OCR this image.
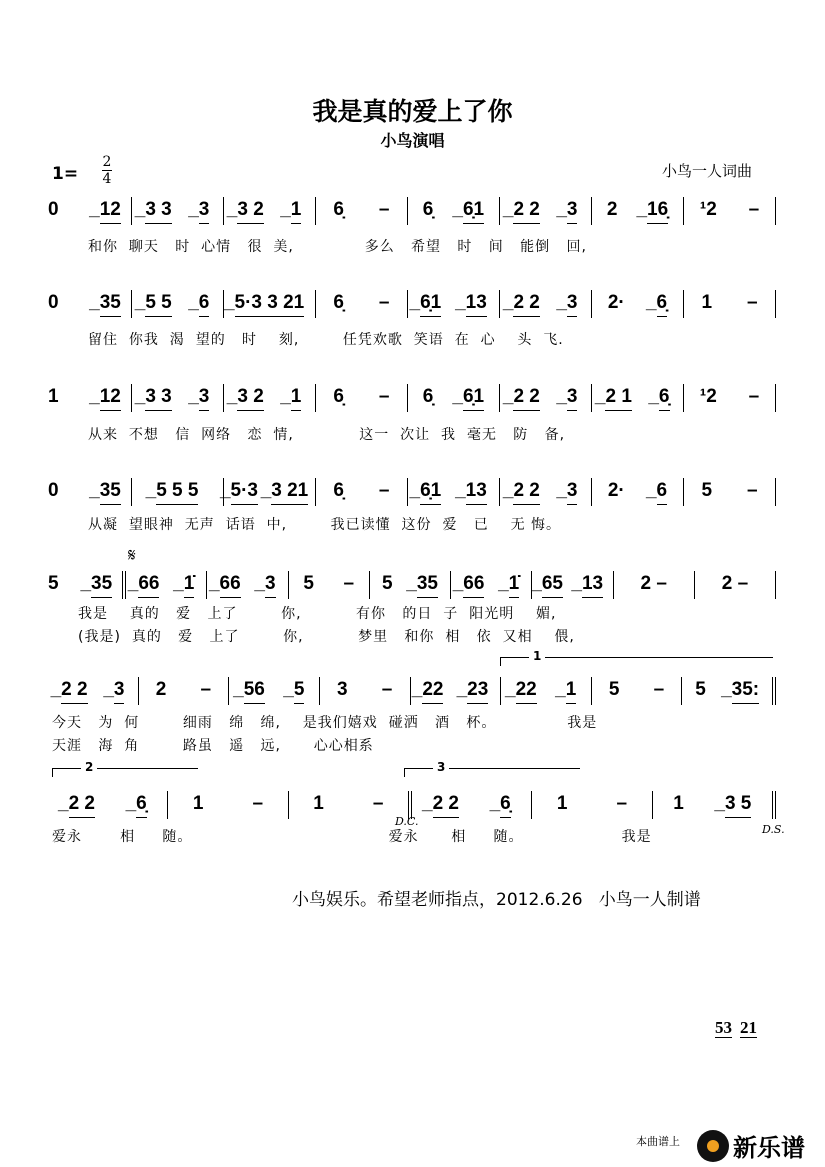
我是真的爱上了你
小鸟演唱
1=
2
4	小鸟一人词曲
0 _12 _3 3 _3 _3 2 _1 6̣ – 6̣ _6̣1 _2 2 _3 2 _16̣ ¹2 –
和你  聊天   时  心情   很  美,             多么   希望   时   间   能倒   回,
0 _35 _5 5 _6 _5·3 3 21 6̣ – _6̣1 _13 _2 2 _3 2· _6̣ 1 –
留住  你我  渴  望的   时    刻,        任凭欢歌  笑语  在  心    头  飞.
1 _12 _3 3 _3 _3 2 _1 6̣ – 6̣ _6̣1 _2 2 _3 _2 1 _6̣ ¹2 –
从来  不想   信  网络   恋  情,            这一  次让  我  毫无   防   备,
0 _35 _5 5 5 _5·3 _3 21 6̣ – _6̣1 _13 _2 2 _3 2· _6 5 –
从凝  望眼神  无声  话语  中,        我已读懂  这份  爱   已    无 悔。
5 _35 _66 _1̇ _66 _3 5 – 5 _35 _66 _1̇ _65 _13 2 –	2 –
我是    真的   爱   上了        你,          有你   的日  子  阳光明    媚,
(我是)  真的   爱   上了        你,          梦里   和你  相   依  又相    偎,
_2 2 _3 2 – _56 _5 3 – _22 _23 _22 _1 5 – 5 _35:
今天   为  何        细雨   绵   绵,    是我们嬉戏  碰洒   酒   杯。             我是
天涯   海  角        路虽   遥   远,      心心相系
_2 2 _6̣ 1	–	1	– _2 2 _6̣ 1	– 1 _3 5
爱永       相     随。                                    爱永      相     随。                  我是
𝄋
1
2	3
D.C.
D.S.
小鸟娱乐。希望老师指点，2012.6.26   小鸟一人制谱
53 21
本曲谱上 新乐谱
